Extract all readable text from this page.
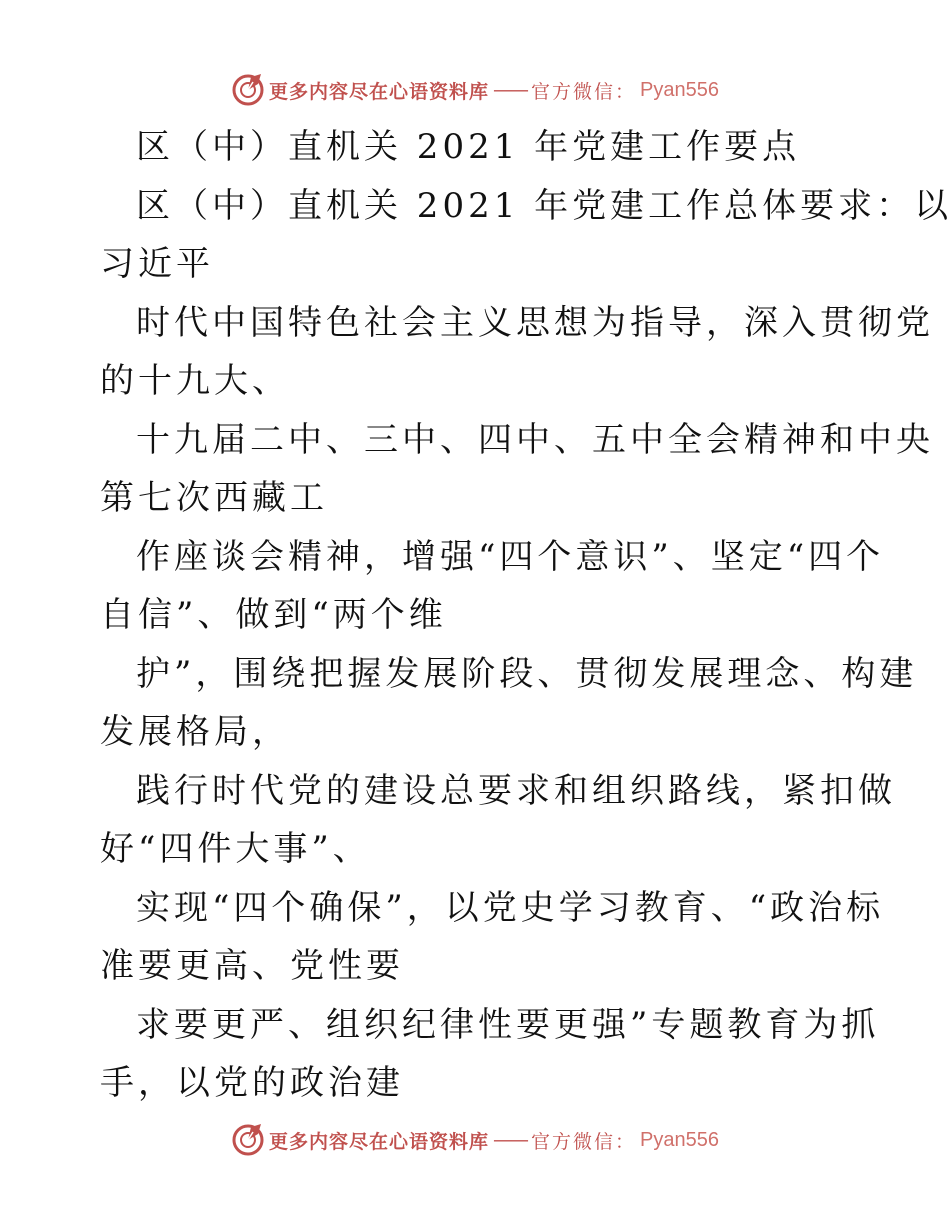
更多内容尽在心语资料库 —— 官方微信： Pyan556
区（中）直机关 2021 年党建工作要点
区（中）直机关 2021 年党建工作总体要求：以
习近平
时代中国特色社会主义思想为指导，深入贯彻党
的十九大、
十九届二中、三中、四中、五中全会精神和中央
第七次西藏工
作座谈会精神，增强“四个意识”、坚定“四个
自信”、做到“两个维
护”，围绕把握发展阶段、贯彻发展理念、构建
发展格局，
践行时代党的建设总要求和组织路线，紧扣做
好“四件大事”、
实现“四个确保”，以党史学习教育、“政治标
准要更高、党性要
求要更严、组织纪律性要更强”专题教育为抓
手，以党的政治建
更多内容尽在心语资料库 —— 官方微信： Pyan556
